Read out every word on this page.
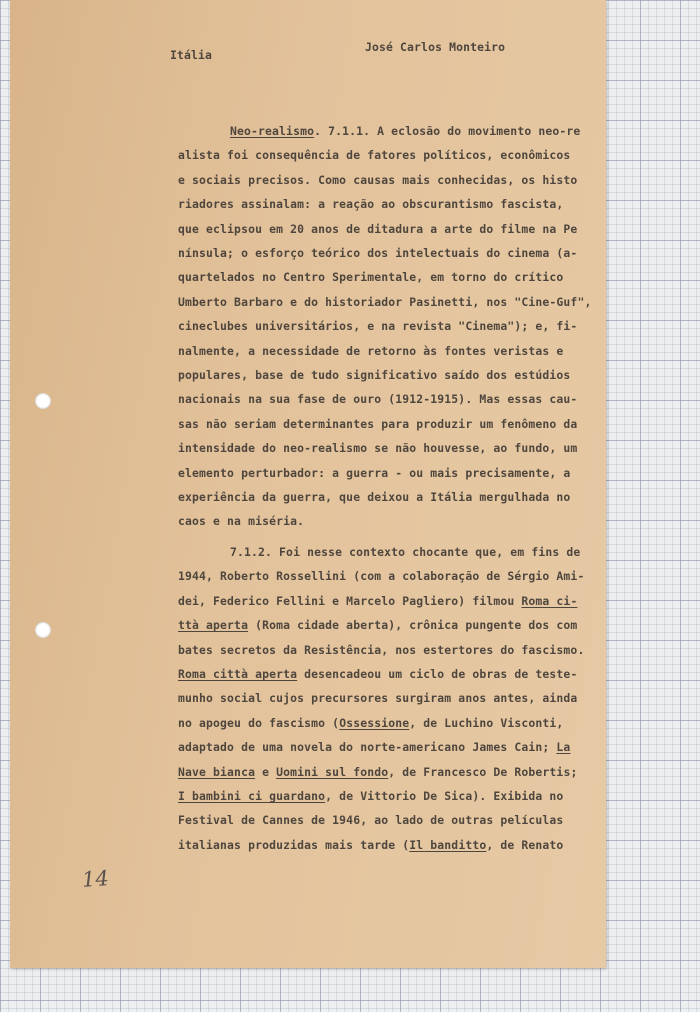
Itália
José Carlos Monteiro
Neo-realismo. 7.1.1. A eclosão do movimento neo-re
alista foi consequência de fatores políticos, econômicos
e sociais precisos. Como causas mais conhecidas, os histo
riadores assinalam: a reação ao obscurantismo fascista,
que eclipsou em 20 anos de ditadura a arte do filme na Pe
nínsula; o esforço teórico dos intelectuais do cinema (a-
quartelados no Centro Sperimentale, em torno do crítico
Umberto Barbaro e do historiador Pasinetti, nos "Cine-Guf",
cineclubes universitários, e na revista "Cinema"); e, fi-
nalmente, a necessidade de retorno às fontes veristas e
populares, base de tudo significativo saído dos estúdios
nacionais na sua fase de ouro (1912-1915). Mas essas cau-
sas não seriam determinantes para produzir um fenômeno da
intensidade do neo-realismo se não houvesse, ao fundo, um
elemento perturbador: a guerra - ou mais precisamente, a
experiência da guerra, que deixou a Itália mergulhada no
caos e na miséria.
7.1.2. Foi nesse contexto chocante que, em fins de
1944, Roberto Rossellini (com a colaboração de Sérgio Ami-
dei, Federico Fellini e Marcelo Pagliero) filmou Roma ci-
ttà aperta (Roma cidade aberta), crônica pungente dos com
bates secretos da Resistência, nos estertores do fascismo.
Roma città aperta desencadeou um ciclo de obras de teste-
munho social cujos precursores surgiram anos antes, ainda
no apogeu do fascismo (Ossessione, de Luchino Visconti,
adaptado de uma novela do norte-americano James Cain; La
Nave bianca e Uomini sul fondo, de Francesco De Robertis;
I bambini ci guardano, de Vittorio De Sica). Exibida no
Festival de Cannes de 1946, ao lado de outras películas
italianas produzidas mais tarde (Il banditto, de Renato
14
